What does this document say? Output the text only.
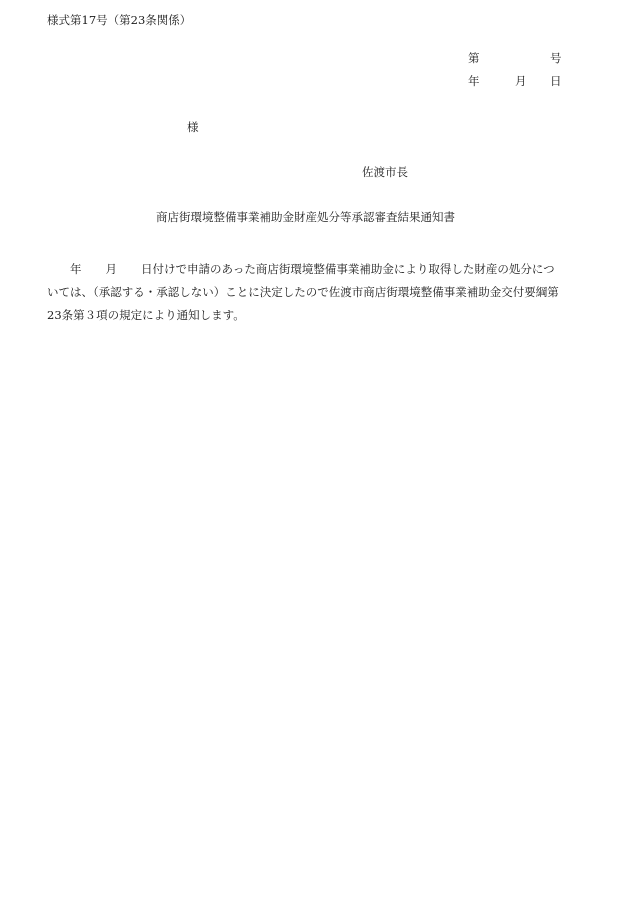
様式第17号（第23条関係）
第	号
年	月 日
様
佐渡市長
商店街環境整備事業補助金財産処分等承認審査結果通知書
年 月 日付けで申請のあった商店街環境整備事業補助金により取得した財産の処分につ
いては、（承認する・承認しない）ことに決定したので佐渡市商店街環境整備事業補助金交付要綱第
23条第３項の規定により通知します。
